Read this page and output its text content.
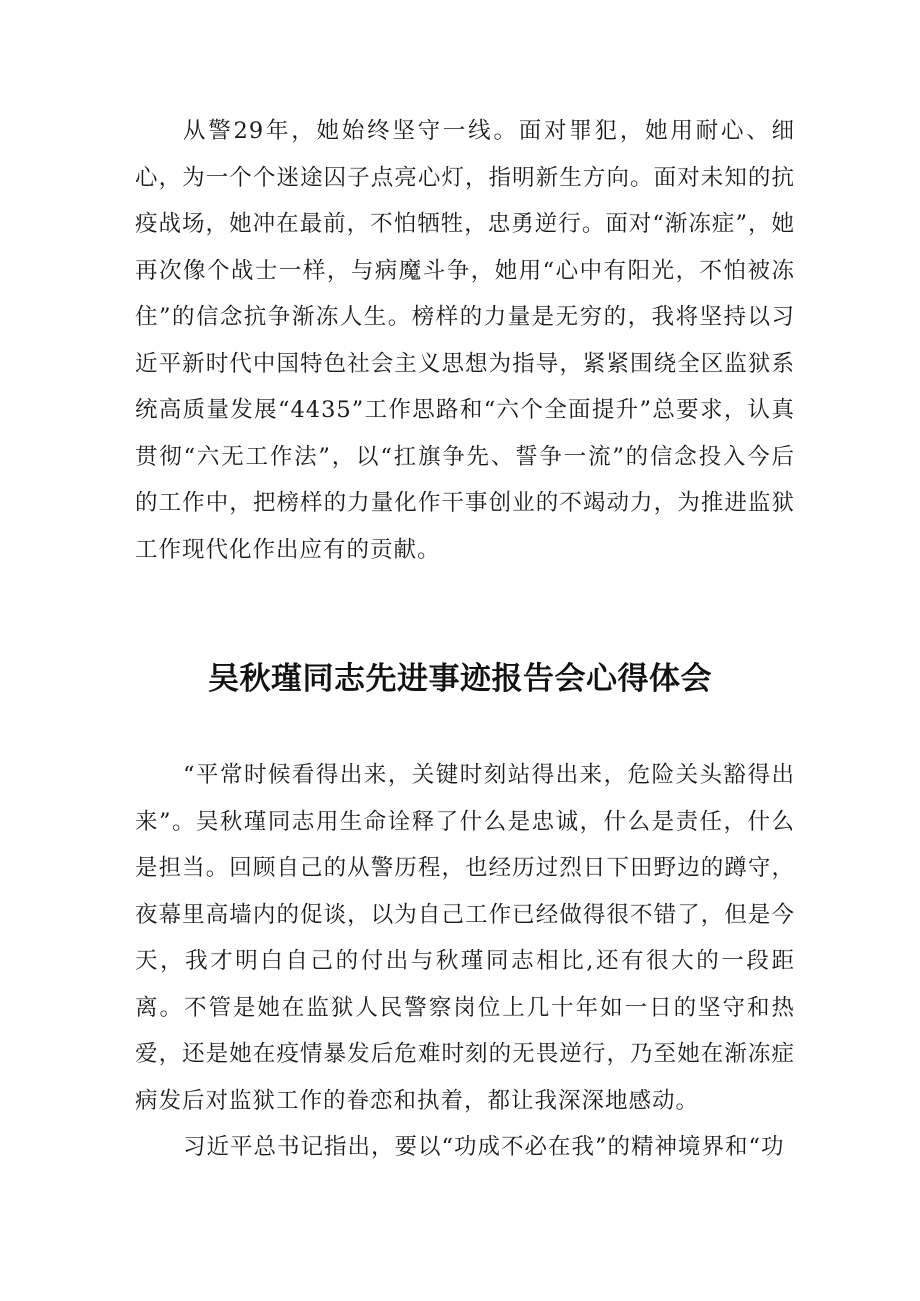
从警29年，她始终坚守一线。面对罪犯，她用耐心、细心，为一个个迷途囚子点亮心灯，指明新生方向。面对未知的抗疫战场，她冲在最前，不怕牺牲，忠勇逆行。面对“渐冻症”，她再次像个战士一样，与病魔斗争，她用“心中有阳光，不怕被冻住”的信念抗争渐冻人生。榜样的力量是无穷的，我将坚持以习近平新时代中国特色社会主义思想为指导，紧紧围绕全区监狱系统高质量发展“4435”工作思路和“六个全面提升”总要求，认真贯彻“六无工作法”，以“扛旗争先、誓争一流”的信念投入今后的工作中，把榜样的力量化作干事创业的不竭动力，为推进监狱工作现代化作出应有的贡献。

吴秋瑾同志先进事迹报告会心得体会

“平常时候看得出来，关键时刻站得出来，危险关头豁得出来”。吴秋瑾同志用生命诠释了什么是忠诚，什么是责任，什么是担当。回顾自己的从警历程，也经历过烈日下田野边的蹲守，夜幕里高墙内的促谈，以为自己工作已经做得很不错了，但是今天，我才明白自己的付出与秋瑾同志相比,还有很大的一段距离。不管是她在监狱人民警察岗位上几十年如一日的坚守和热爱，还是她在疫情暴发后危难时刻的无畏逆行，乃至她在渐冻症病发后对监狱工作的眷恋和执着，都让我深深地感动。

习近平总书记指出，要以“功成不必在我”的精神境界和“功
